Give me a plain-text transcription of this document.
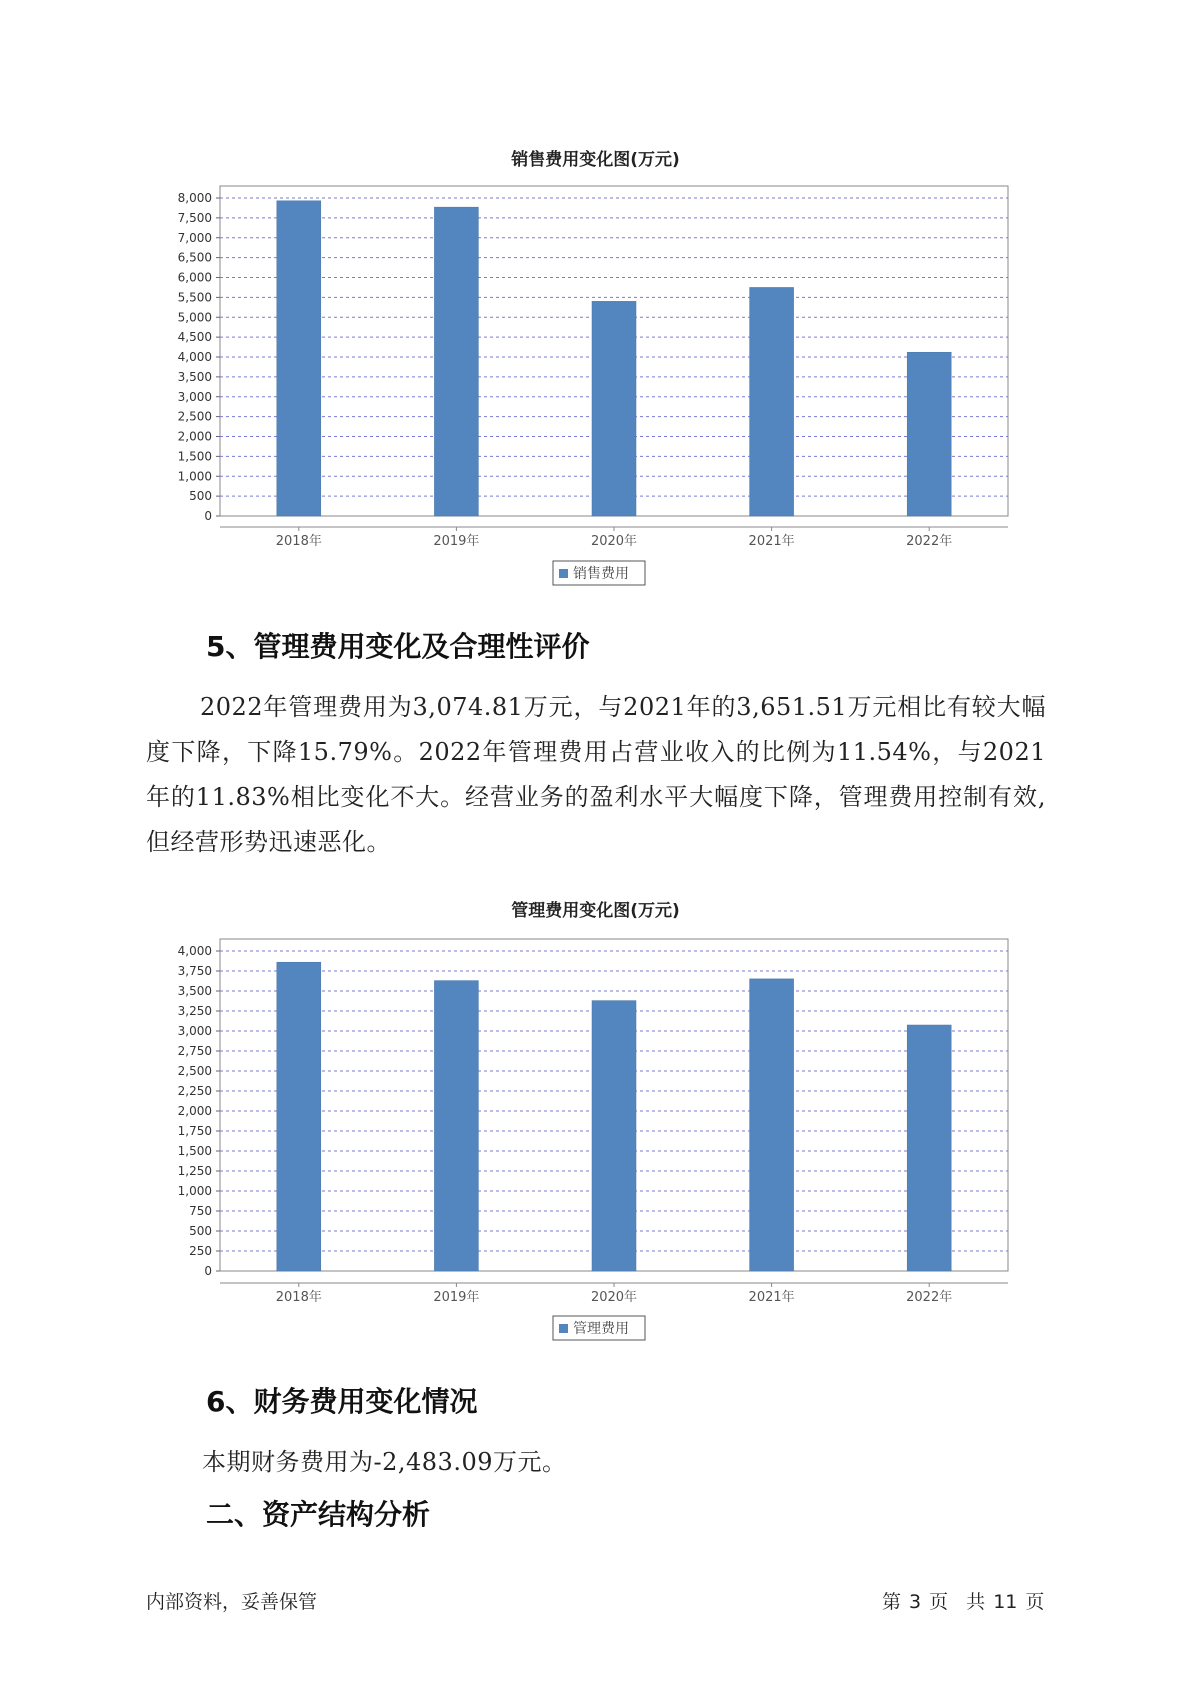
销售费用变化图(万元)
0
500
1,000
1,500
2,000
2,500
3,000
3,500
4,000
4,500
5,000
5,500
6,000
6,500
7,000
7,500
8,000
2018年	2019年	2020年	2021年	2022年
销售费用
5、管理费用变化及合理性评价

2022年管理费用为3,074.81万元，与2021年的3,651.51万元相比有较大幅度下降，下降15.79%。2022年管理费用占营业收入的比例为11.54%，与2021年的11.83%相比变化不大。经营业务的盈利水平大幅度下降，管理费用控制有效,但经营形势迅速恶化。

管理费用变化图(万元)
0
250
500
750
1,000
1,250
1,500
1,750
2,000
2,250
2,500
2,750
3,000
3,250
3,500
3,750
4,000
2018年	2019年	2020年	2021年	2022年
管理费用
6、财务费用变化情况

本期财务费用为-2,483.09万元。

二、资产结构分析
内部资料，妥善保管	第 3 页 共 11 页
